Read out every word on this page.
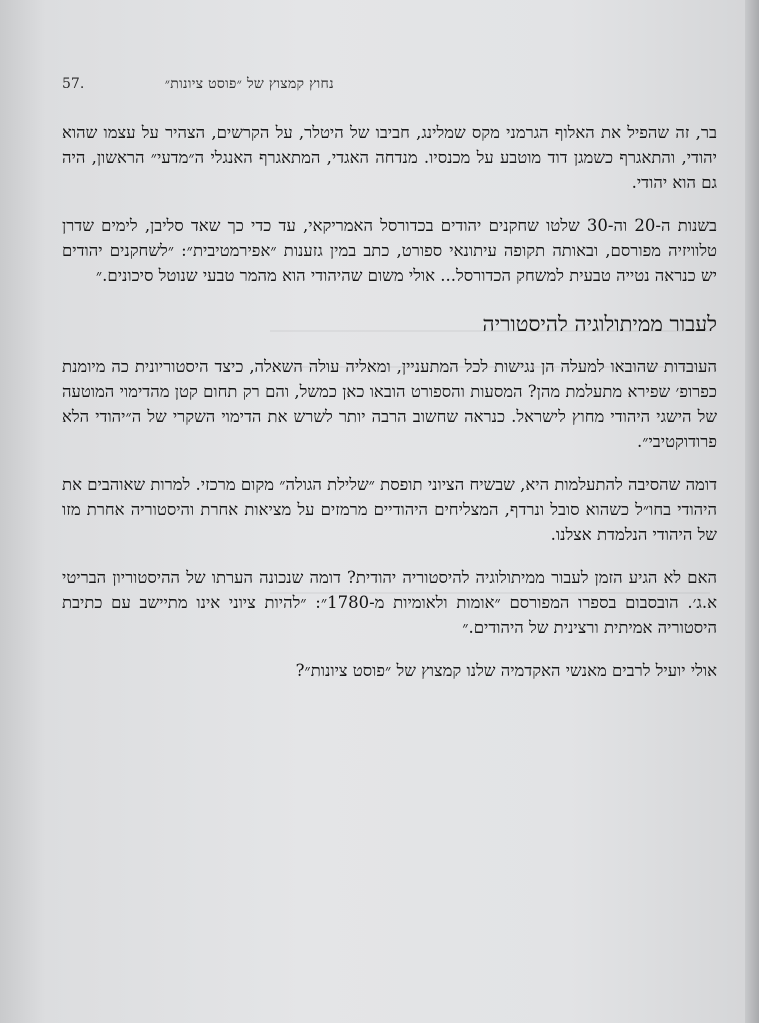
נחוץ קמצוץ של ״פוסט ציונות״
57.

בר, זה שהפיל את האלוף הגרמני מקס שמלינג, חביבו של היטלר, על הקרשים, הצהיר על עצמו שהוא יהודי, והתאגרף כשמגן דוד מוטבע על מכנסיו. מנדחה האגדי, המתאגרף האנגלי ה״מדעי״ הראשון, היה גם הוא יהודי.

בשנות ה-20 וה-30 שלטו שחקנים יהודים בכדורסל האמריקאי, עד כדי כך שאד סליבן, לימים שדרן טלוויזיה מפורסם, ובאותה תקופה עיתונאי ספורט, כתב במין גזענות ״אפירמטיבית״: ״לשחקנים יהודים יש כנראה נטייה טבעית למשחק הכדורסל... אולי משום שהיהודי הוא מהמר טבעי שנוטל סיכונים.״

לעבור ממיתולוגיה להיסטוריה

העובדות שהובאו למעלה הן נגישות לכל המתעניין, ומאליה עולה השאלה, כיצד היסטוריונית כה מיומנת כפרופ׳ שפירא מתעלמת מהן? המסעות והספורט הובאו כאן כמשל, והם רק תחום קטן מהדימוי המוטעה של הישגי היהודי מחוץ לישראל. כנראה שחשוב הרבה יותר לשרש את הדימוי השקרי של ה״יהודי הלא פרודוקטיבי״.

דומה שהסיבה להתעלמות היא, שבשיח הציוני תופסת ״שלילת הגולה״ מקום מרכזי. למרות שאוהבים את היהודי בחו״ל כשהוא סובל ונרדף, המצליחים היהודיים מרמזים על מציאות אחרת והיסטוריה אחרת מזו של היהודי הנלמדת אצלנו.

האם לא הגיע הזמן לעבור ממיתולוגיה להיסטוריה יהודית? דומה שנכונה הערתו של ההיסטוריון הבריטי א.ג׳. הובסבום בספרו המפורסם ״אומות ולאומיות מ-1780״: ״להיות ציוני אינו מתיישב עם כתיבת היסטוריה אמיתית ורצינית של היהודים.״

אולי יועיל לרבים מאנשי האקדמיה שלנו קמצוץ של ״פוסט ציונות״?
